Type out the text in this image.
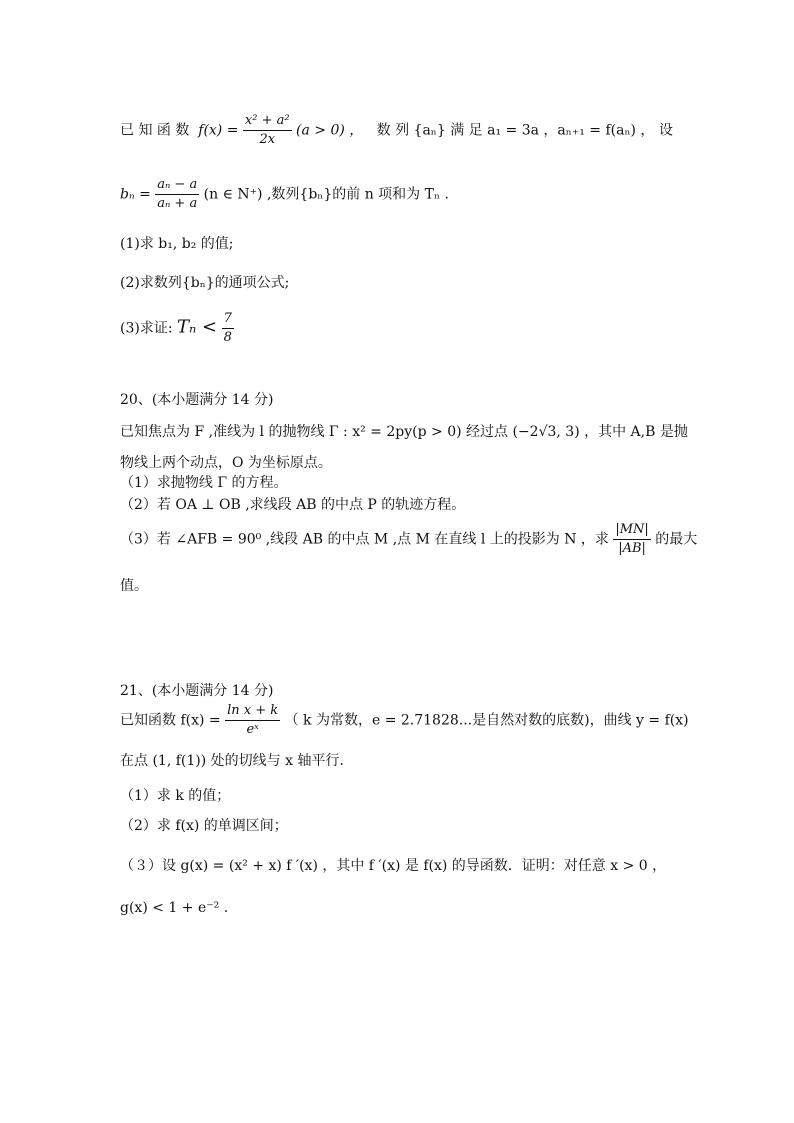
已 知 函 数 $f(x) = \frac{\text{x² + a²}}{2x} (a > 0)$ ， 数 列 {aₙ} 满 足 a₁ = 3a ，aₙ₊₁ = f(aₙ) ， 设
$b_n = \frac{\text{aₙ − a}}{\text{aₙ + a}} (n$ ∈ N⁺) ,数列{bₙ}的前 n 项和为 Tₙ .
(1)求 b₁, b₂ 的值;
(2)求数列{bₙ}的通项公式;
(3)求证: $T_n < \frac{7}{8}$
20、(本小题满分 14 分)
已知焦点为 F ,准线为 l 的抛物线 Γ : x² = 2py(p > 0) 经过点 (−2√3, 3) ，其中 A,B 是抛
物线上两个动点，O 为坐标原点。
（1）求抛物线 Γ 的方程。
（2）若 OA ⊥ OB ,求线段 AB 的中点 P 的轨迹方程。
（3）若 ∠AFB = 90⁰ ,线段 AB 的中点 M ,点 M 在直线 l 上的投影为 N ，求 $\frac{|MN|}{|AB|}$ 的最大
值。
21、(本小题满分 14 分)
已知函数 $f(x) = \frac{\text{ln x + k}}{\text{eˣ}}$ （ k 为常数，e = 2.71828...是自然对数的底数)，曲线 y = f(x)
在点 (1, f(1)) 处的切线与 x 轴平行．
（1）求 k 的值；
（2）求 f(x) 的单调区间；
（３）设 g(x) = (x² + x) f ′(x) ，其中 f ′(x) 是 f(x) 的导函数．证明：对任意 x > 0 ，
g(x) < 1 + e⁻² .
